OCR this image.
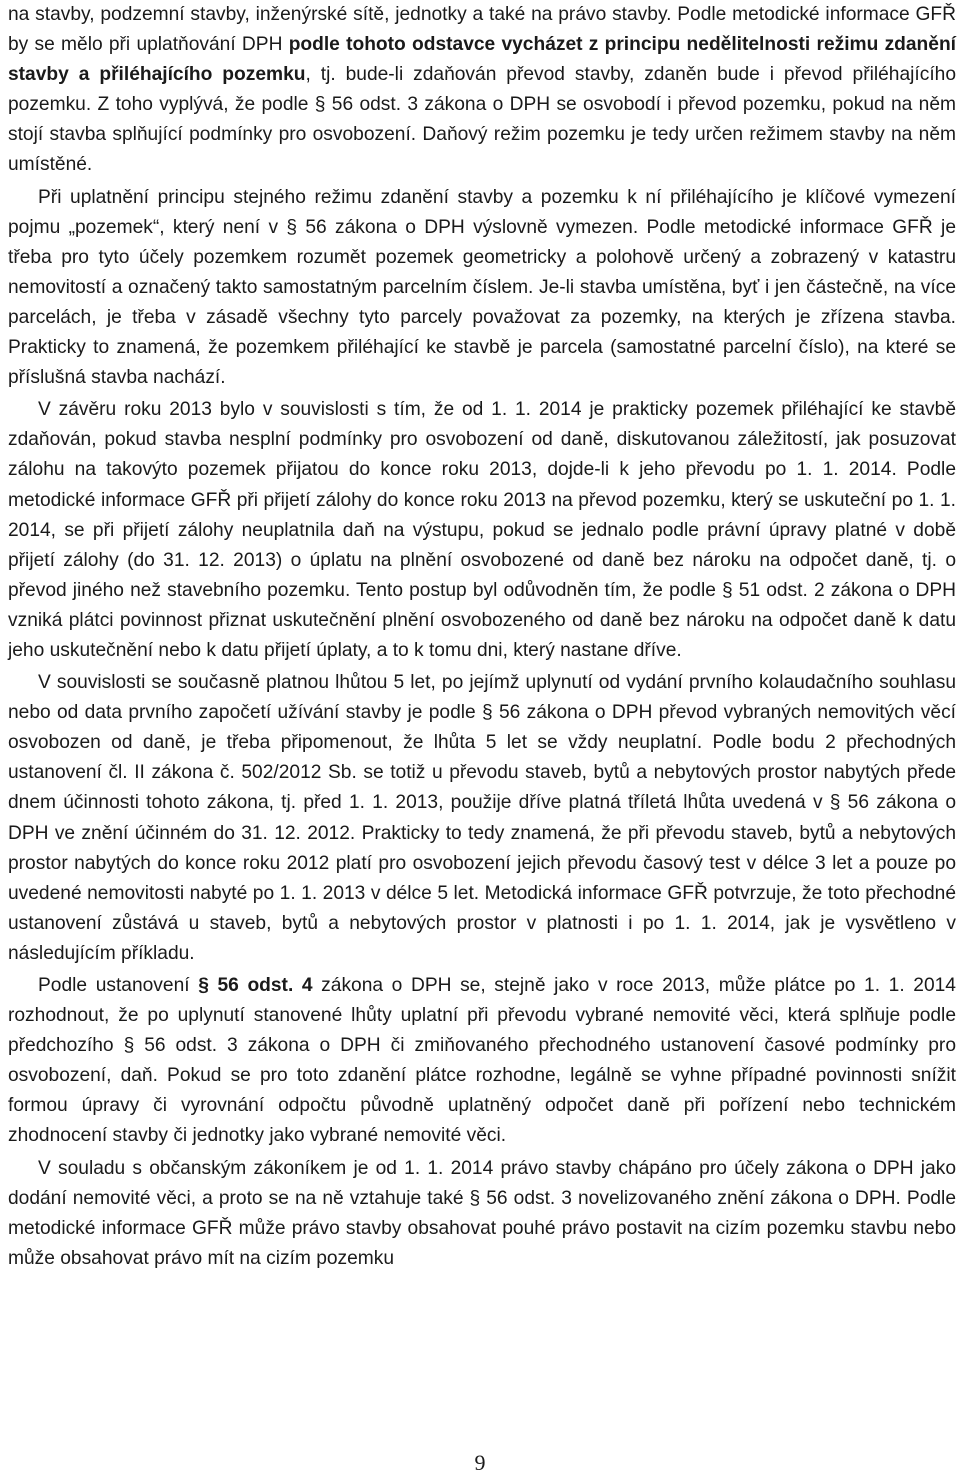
na stavby, podzemní stavby, inženýrské sítě, jednotky a také na právo stavby. Podle metodické informace GFŘ by se mělo při uplatňování DPH podle tohoto odstavce vycházet z principu nedělitelnosti režimu zdanění stavby a přiléhajícího pozemku, tj. bude-li zdaňován převod stavby, zdaněn bude i převod přiléhajícího pozemku. Z toho vyplývá, že podle § 56 odst. 3 zákona o DPH se osvobodí i převod pozemku, pokud na něm stojí stavba splňující podmínky pro osvobození. Daňový režim pozemku je tedy určen režimem stavby na něm umístěné.

Při uplatnění principu stejného režimu zdanění stavby a pozemku k ní přiléhajícího je klíčové vymezení pojmu „pozemek“, který není v § 56 zákona o DPH výslovně vymezen. Podle metodické informace GFŘ je třeba pro tyto účely pozemkem rozumět pozemek geometricky a polohově určený a zobrazený v katastru nemovitostí a označený takto samostatným parcelním číslem. Je-li stavba umístěna, byť i jen částečně, na více parcelách, je třeba v zásadě všechny tyto parcely považovat za pozemky, na kterých je zřízena stavba. Prakticky to znamená, že pozemkem přiléhající ke stavbě je parcela (samostatné parcelní číslo), na které se příslušná stavba nachází.

V závěru roku 2013 bylo v souvislosti s tím, že od 1. 1. 2014 je prakticky pozemek přiléhající ke stavbě zdaňován, pokud stavba nesplní podmínky pro osvobození od daně, diskutovanou záležitostí, jak posuzovat zálohu na takovýto pozemek přijatou do konce roku 2013, dojde-li k jeho převodu po 1. 1. 2014. Podle metodické informace GFŘ při přijetí zálohy do konce roku 2013 na převod pozemku, který se uskuteční po 1. 1. 2014, se při přijetí zálohy neuplatnila daň na výstupu, pokud se jednalo podle právní úpravy platné v době přijetí zálohy (do 31. 12. 2013) o úplatu na plnění osvobozené od daně bez nároku na odpočet daně, tj. o převod jiného než stavebního pozemku. Tento postup byl odůvodněn tím, že podle § 51 odst. 2 zákona o DPH vzniká plátci povinnost přiznat uskutečnění plnění osvobozeného od daně bez nároku na odpočet daně k datu jeho uskutečnění nebo k datu přijetí úplaty, a to k tomu dni, který nastane dříve.

V souvislosti se současně platnou lhůtou 5 let, po jejímž uplynutí od vydání prvního kolaudačního souhlasu nebo od data prvního započetí užívání stavby je podle § 56 zákona o DPH převod vybraných nemovitých věcí osvobozen od daně, je třeba připomenout, že lhůta 5 let se vždy neuplatní. Podle bodu 2 přechodných ustanovení čl. II zákona č. 502/2012 Sb. se totiž u převodu staveb, bytů a nebytových prostor nabytých přede dnem účinnosti tohoto zákona, tj. před 1. 1. 2013, použije dříve platná tříletá lhůta uvedená v § 56 zákona o DPH ve znění účinném do 31. 12. 2012. Prakticky to tedy znamená, že při převodu staveb, bytů a nebytových prostor nabytých do konce roku 2012 platí pro osvobození jejich převodu časový test v délce 3 let a pouze po uvedené nemovitosti nabyté po 1. 1. 2013 v délce 5 let. Metodická informace GFŘ potvrzuje, že toto přechodné ustanovení zůstává u staveb, bytů a nebytových prostor v platnosti i po 1. 1. 2014, jak je vysvětleno v následujícím příkladu.

Podle ustanovení § 56 odst. 4 zákona o DPH se, stejně jako v roce 2013, může plátce po 1. 1. 2014 rozhodnout, že po uplynutí stanovené lhůty uplatní při převodu vybrané nemovité věci, která splňuje podle předchozího § 56 odst. 3 zákona o DPH či zmiňovaného přechodného ustanovení časové podmínky pro osvobození, daň. Pokud se pro toto zdanění plátce rozhodne, legálně se vyhne případné povinnosti snížit formou úpravy či vyrovnání odpočtu původně uplatněný odpočet daně při pořízení nebo technickém zhodnocení stavby či jednotky jako vybrané nemovité věci.

V souladu s občanským zákoníkem je od 1. 1. 2014 právo stavby chápáno pro účely zákona o DPH jako dodání nemovité věci, a proto se na ně vztahuje také § 56 odst. 3 novelizovaného znění zákona o DPH. Podle metodické informace GFŘ může právo stavby obsahovat pouhé právo postavit na cizím pozemku stavbu nebo může obsahovat právo mít na cizím pozemku

9
